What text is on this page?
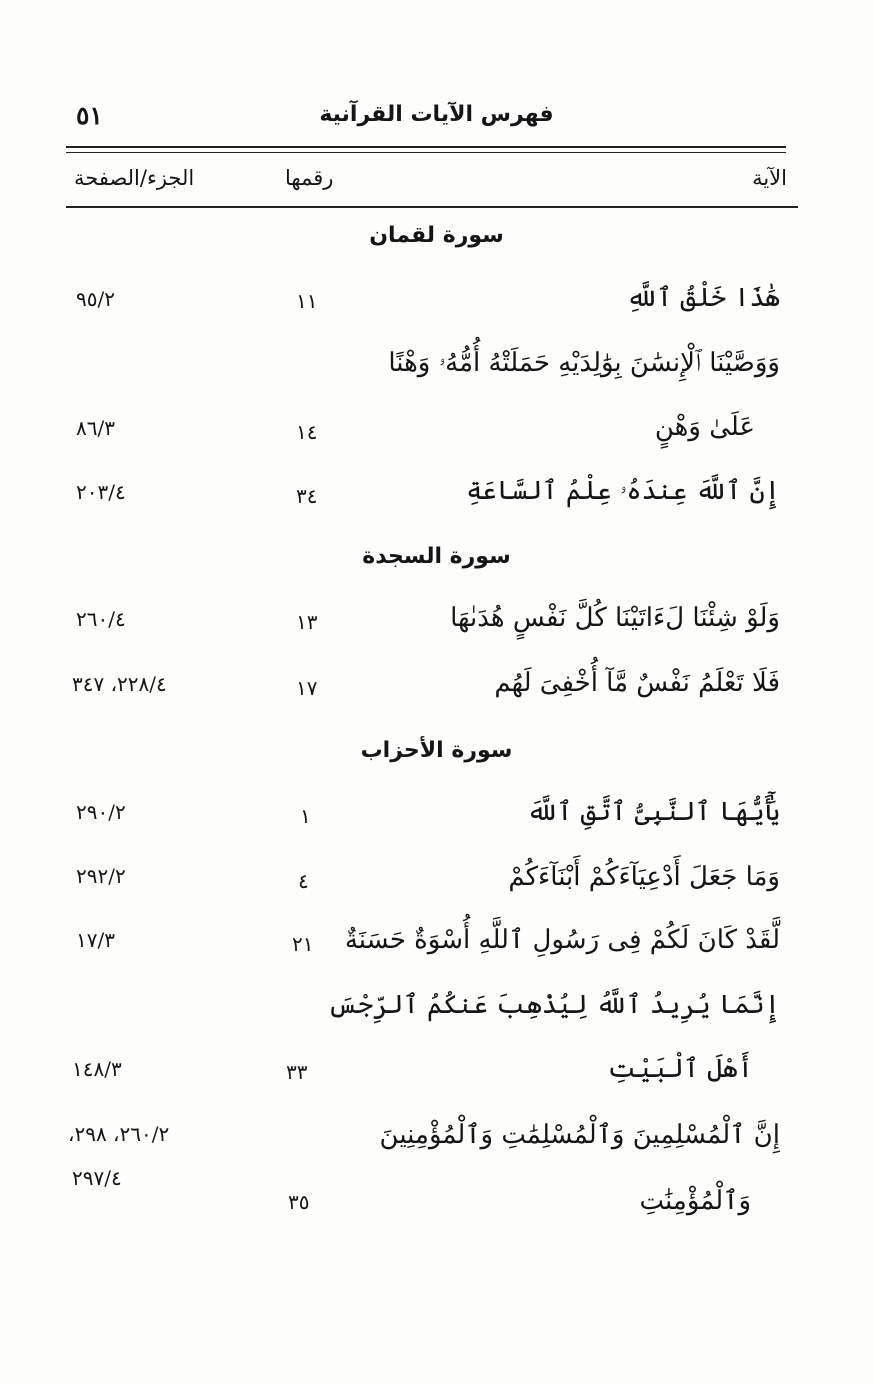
٥١	فهرس الآيات القرآنية
الآية
رقمها
الجزء/الصفحة
سورة لقمان
هَٰذَا خَلْقُ ٱللَّهِ
١١
٩٥/٢
وَوَصَّيْنَا ٱلْإِنسَٰنَ بِوَٰلِدَيْهِ حَمَلَتْهُ أُمُّهُۥ وَهْنًا
عَلَىٰ وَهْنٍ
١٤
٨٦/٣
إِنَّ ٱللَّهَ عِندَهُۥ عِلْمُ ٱلسَّاعَةِ
٣٤
٢٠٣/٤
سورة السجدة
وَلَوْ شِئْنَا لَءَاتَيْنَا كُلَّ نَفْسٍ هُدَىٰهَا
١٣
٢٦٠/٤
فَلَا تَعْلَمُ نَفْسٌ مَّآ أُخْفِىَ لَهُم
١٧
٢٢٨/٤، ٣٤٧
سورة الأحزاب
يَٰٓأَيُّهَا ٱلنَّبِىُّ ٱتَّقِ ٱللَّهَ
١
٢٩٠/٢
وَمَا جَعَلَ أَدْعِيَآءَكُمْ أَبْنَآءَكُمْ
٤
٢٩٢/٢
لَّقَدْ كَانَ لَكُمْ فِى رَسُولِ ٱللَّهِ أُسْوَةٌ حَسَنَةٌ
٢١
١٧/٣
إِنَّمَا يُرِيدُ ٱللَّهُ لِيُذْهِبَ عَنكُمُ ٱلرِّجْسَ
أَهْلَ ٱلْبَيْتِ
٣٣
١٤٨/٣
إِنَّ ٱلْمُسْلِمِينَ وَٱلْمُسْلِمَٰتِ وَٱلْمُؤْمِنِينَ
٢٦٠/٢، ٢٩٨،
٢٩٧/٤
وَٱلْمُؤْمِنَٰتِ
٣٥
